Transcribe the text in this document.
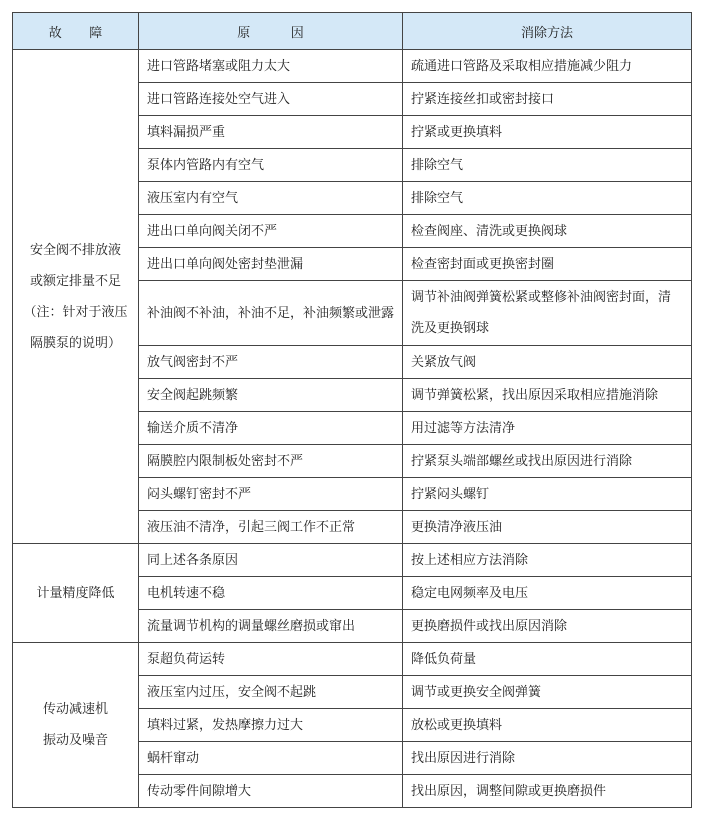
故 障	原 因	消除方法

安全阀不排放液
或额定排量不足
（注：针对于液压
隔膜泵的说明）	进口管路堵塞或阻力太大	疏通进口管路及采取相应措施减少阻力
	进口管路连接处空气进入	拧紧连接丝扣或密封接口
	填料漏损严重	拧紧或更换填料
	泵体内管路内有空气	排除空气
	液压室内有空气	排除空气
	进出口单向阀关闭不严	检查阀座、清洗或更换阀球
	进出口单向阀处密封垫泄漏	检查密封面或更换密封圈
	补油阀不补油，补油不足，补油频繁或泄露	调节补油阀弹簧松紧或整修补油阀密封面，清洗及更换钢球
	放气阀密封不严	关紧放气阀
	安全阀起跳频繁	调节弹簧松紧，找出原因采取相应措施消除
	输送介质不清净	用过滤等方法清净
	隔膜腔内限制板处密封不严	拧紧泵头端部螺丝或找出原因进行消除
	闷头螺钉密封不严	拧紧闷头螺钉
	液压油不清净，引起三阀工作不正常	更换清净液压油

计量精度降低	同上述各条原因	按上述相应方法消除
	电机转速不稳	稳定电网频率及电压
	流量调节机构的调量螺丝磨损或窜出	更换磨损件或找出原因消除

传动减速机
振动及噪音	泵超负荷运转	降低负荷量
	液压室内过压，安全阀不起跳	调节或更换安全阀弹簧
	填料过紧，发热摩擦力过大	放松或更换填料
	蜗杆窜动	找出原因进行消除
	传动零件间隙增大	找出原因，调整间隙或更换磨损件
